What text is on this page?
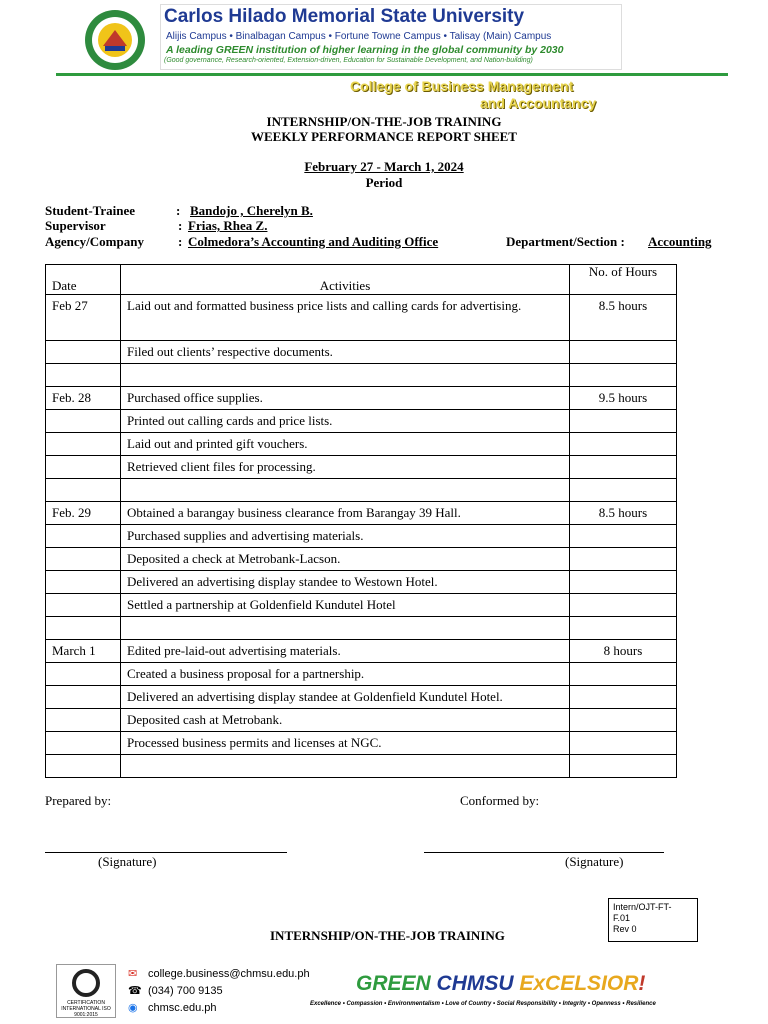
Carlos Hilado Memorial State University
Alijis Campus • Binalbagan Campus • Fortune Towne Campus • Talisay (Main) Campus
A leading GREEN institution of higher learning in the global community by 2030
(Good governance, Research-oriented, Extension-driven, Education for Sustainable Development, and Nation-building)
College of Business Management
and Accountancy
INTERNSHIP/ON-THE-JOB TRAINING
WEEKLY PERFORMANCE REPORT SHEET
February 27 - March 1, 2024
Period
Student-Trainee	: Bandojo , Cherelyn B.
Supervisor	: Frias, Rhea Z.
Agency/Company	: Colmedora’s Accounting and Auditing Office	Department/Section : Accounting
Date	Activities	No. of Hours
Feb 27	Laid out and formatted business price lists and calling cards for advertising.	8.5 hours
	Filed out clients’ respective documents.	

Feb. 28	Purchased office supplies.	9.5 hours
	Printed out calling cards and price lists.	
	Laid out and printed gift vouchers.	
	Retrieved client files for processing.	

Feb. 29	Obtained a barangay business clearance from Barangay 39 Hall.	8.5 hours
	Purchased supplies and advertising materials.	
	Deposited a check at Metrobank-Lacson.	
	Delivered an advertising display standee to Westown Hotel.	
	Settled a partnership at Goldenfield Kundutel Hotel	

March 1	Edited pre-laid-out advertising materials.	8 hours
	Created a business proposal for a partnership.	
	Delivered an advertising display standee at Goldenfield Kundutel Hotel.	
	Deposited cash at Metrobank.	
	Processed business permits and licenses at NGC.	

Prepared by:	Conformed by:
(Signature)	(Signature)
Intern/OJT-FT-
F.01
Rev 0
INTERNSHIP/ON-THE-JOB TRAINING
CERTIFICATION INTERNATIONAL ISO 9001:2015
✉ college.business@chmsu.edu.ph
☎ (034) 700 9135
◉ chmsc.edu.ph
GREEN CHMSU ExCELSIOR!
Excellence • Compassion • Environmentalism • Love of Country • Social Responsibility • Integrity • Openness • Resilience
